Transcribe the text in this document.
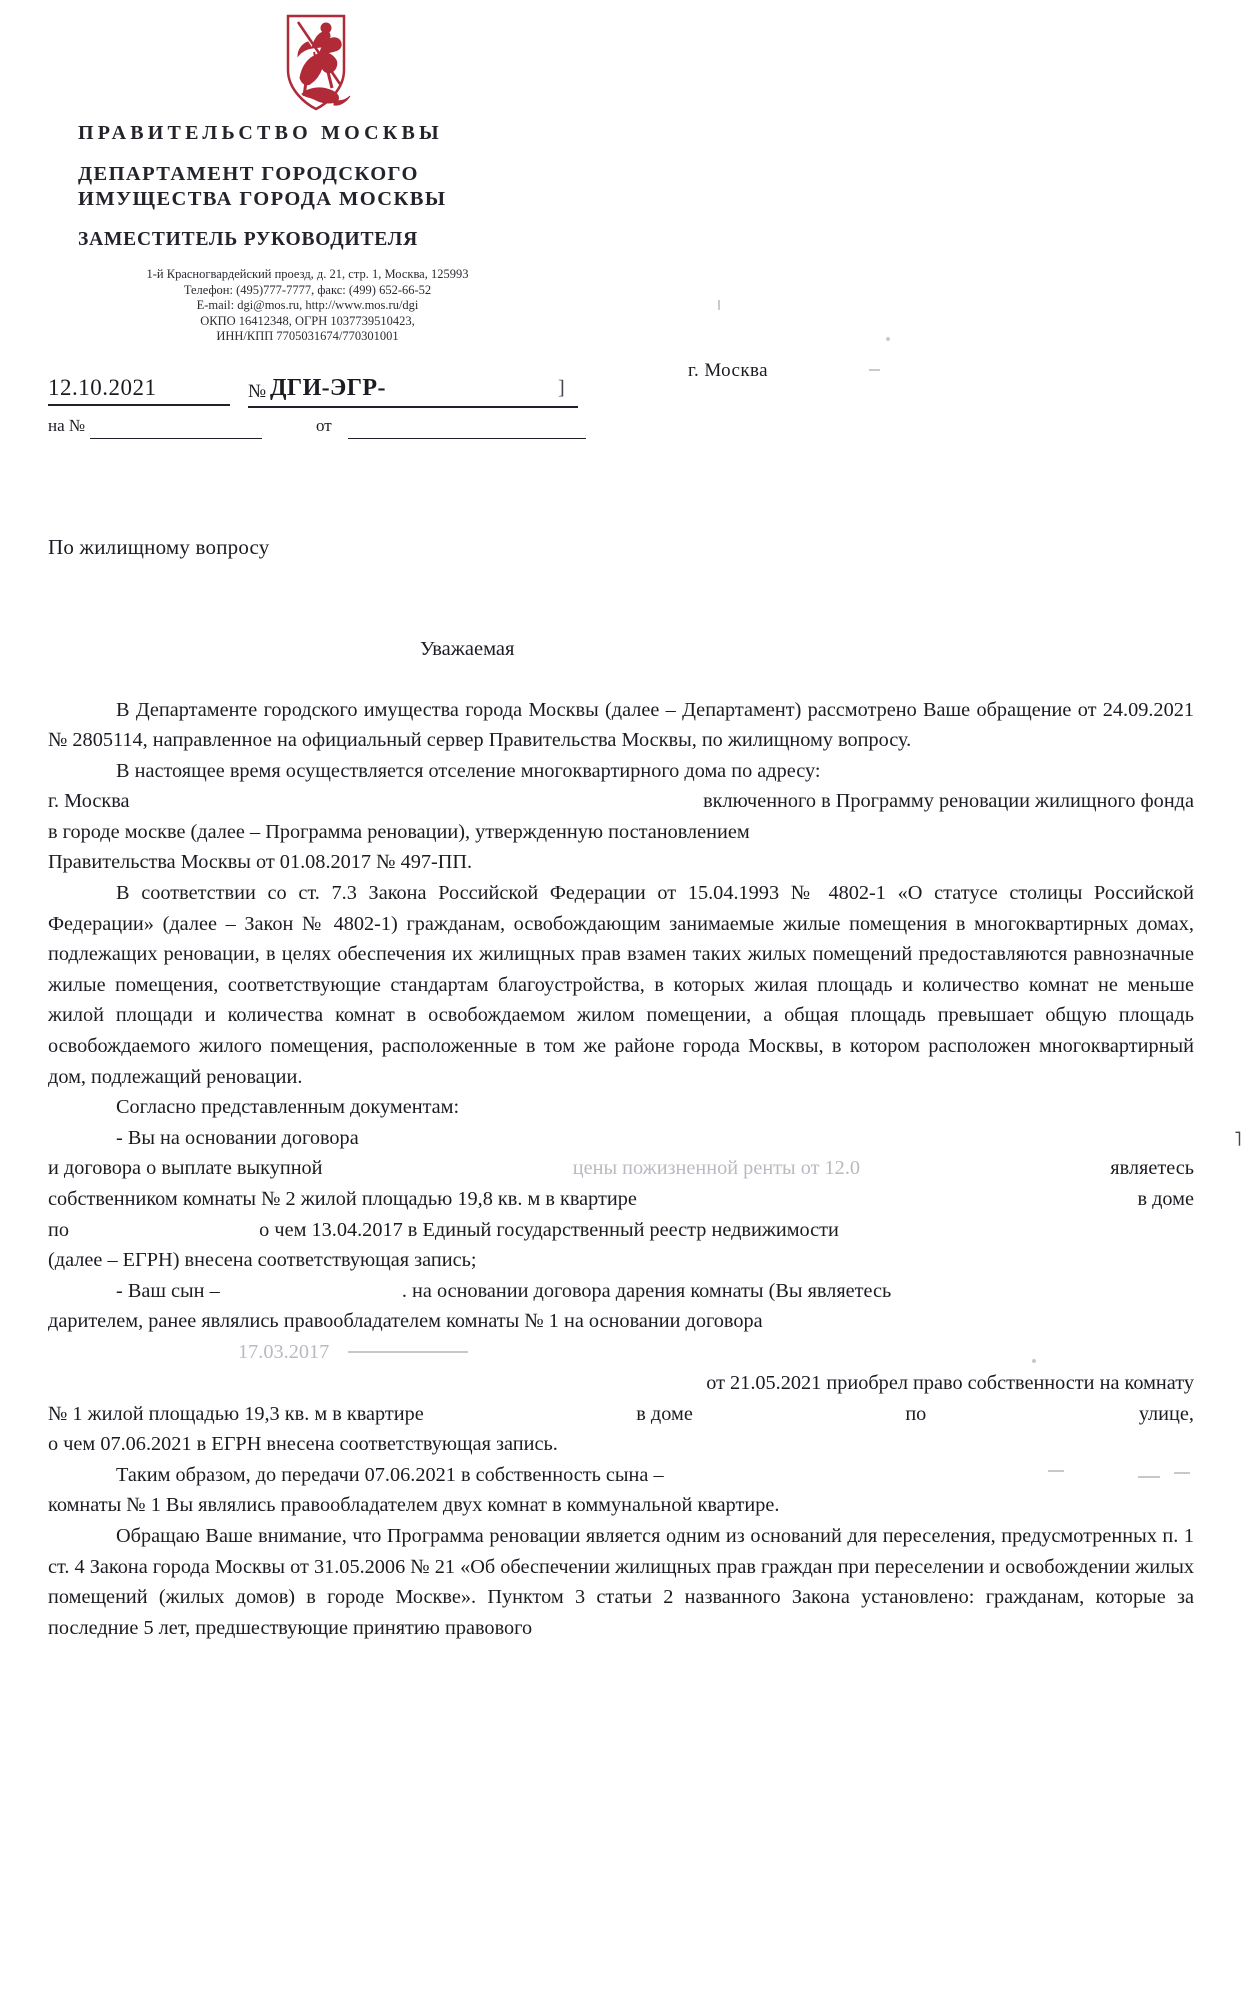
ПРАВИТЕЛЬСТВО МОСКВЫ
ДЕПАРТАМЕНТ ГОРОДСКОГО
ИМУЩЕСТВА ГОРОДА МОСКВЫ
ЗАМЕСТИТЕЛЬ РУКОВОДИТЕЛЯ
1-й Красногвардейский проезд, д. 21, стр. 1, Москва, 125993
Телефон: (495)777-7777, факс: (499) 652-66-52
E-mail: dgi@mos.ru, http://www.mos.ru/dgi
ОКПО 16412348, ОГРН 1037739510423,
ИНН/КПП 7705031674/770301001
г. Москва
12.10.2021	№ ДГИ-ЭГР-	]
на №	от
По жилищному вопросу
Уважаемая

В Департаменте городского имущества города Москвы (далее – Департамент) рассмотрено Ваше обращение от 24.09.2021 № 2805114, направленное на официальный сервер Правительства Москвы, по жилищному вопросу.

В настоящее время осуществляется отселение многоквартирного дома по адресу:

г. Москва	включенного в Программу реновации жилищного фонда

в городе москве (далее – Программа реновации), утвержденную постановлением

Правительства Москвы от 01.08.2017 № 497-ПП.

В соответствии со ст. 7.3 Закона Российской Федерации от 15.04.1993 № 4802-1 «О статусе столицы Российской Федерации» (далее – Закон № 4802-1) гражданам, освобождающим занимаемые жилые помещения в многоквартирных домах, подлежащих реновации, в целях обеспечения их жилищных прав взамен таких жилых помещений предоставляются равнозначные жилые помещения, соответствующие стандартам благоустройства, в которых жилая площадь и количество комнат не меньше жилой площади и количества комнат в освобождаемом жилом помещении, а общая площадь превышает общую площадь освобождаемого жилого помещения, расположенные в том же районе города Москвы, в котором расположен многоквартирный дом, подлежащий реновации.

Согласно представленным документам:

- Вы на основании договора	˥

и договора о выплате выкупной	цены пожизненной ренты от 12.0	являетесь

собственником комнаты № 2 жилой площадью 19,8 кв. м в квартире	в доме

по	о чем 13.04.2017 в Единый государственный реестр недвижимости

(далее – ЕГРН) внесена соответствующая запись;

- Ваш сын –	. на основании договора дарения комнаты (Вы являетесь

дарителем, ранее являлись правообладателем комнаты № 1 на основании договора

17.03.2017

от 21.05.2021 приобрел право собственности на комнату

№ 1 жилой площадью 19,3 кв. м в квартире	в доме	по	улице,

о чем 07.06.2021 в ЕГРН внесена соответствующая запись.

Таким образом, до передачи 07.06.2021 в собственность сына –

комнаты № 1 Вы являлись правообладателем двух комнат в коммунальной квартире.

Обращаю Ваше внимание, что Программа реновации является одним из оснований для переселения, предусмотренных п. 1 ст. 4 Закона города Москвы от 31.05.2006 № 21 «Об обеспечении жилищных прав граждан при переселении и освобождении жилых помещений (жилых домов) в городе Москве». Пунктом 3 статьи 2 названного Закона установлено: гражданам, которые за последние 5 лет, предшествующие принятию правового
